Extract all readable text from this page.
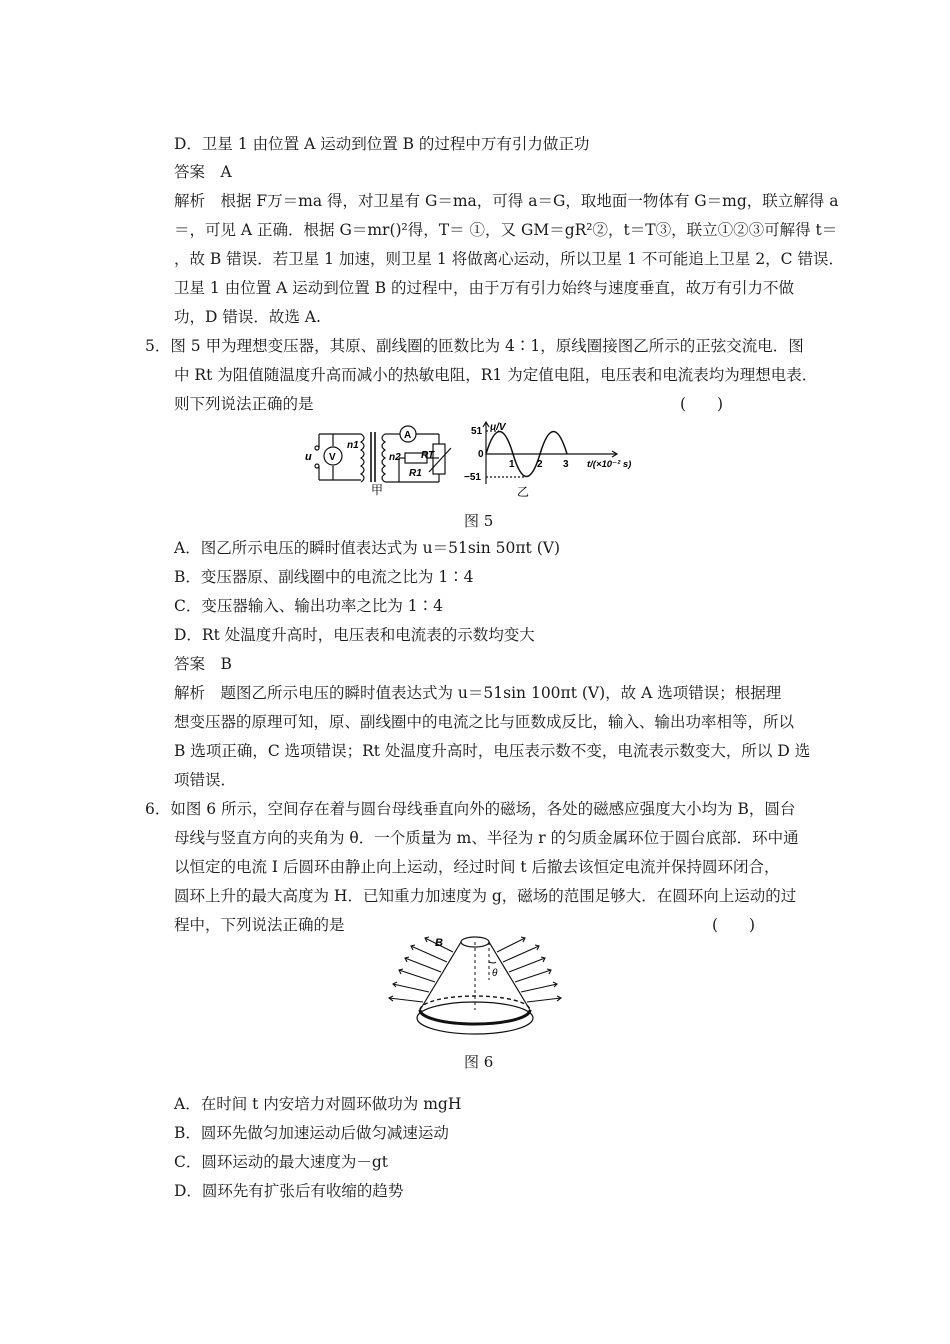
D．卫星 1 由位置 A 运动到位置 B 的过程中万有引力做正功
答案　A
解析　根据 F万＝ma 得，对卫星有 G＝ma，可得 a＝G，取地面一物体有 G＝mg，联立解得 a
＝，可见 A 正确．根据 G＝mr()²得，T＝ ①，又 GM＝gR²②，t＝T③，联立①②③可解得 t＝
，故 B 错误．若卫星 1 加速，则卫星 1 将做离心运动，所以卫星 1 不可能追上卫星 2，C 错误．
卫星 1 由位置 A 运动到位置 B 的过程中，由于万有引力始终与速度垂直，故万有引力不做
功，D 错误．故选 A.
5．图 5 甲为理想变压器，其原、副线圈的匝数比为 4∶1，原线圈接图乙所示的正弦交流电．图
中 Rt 为阻值随温度升高而减小的热敏电阻，R1 为定值电阻，电压表和电流表均为理想电表．
则下列说法正确的是	(　　)
u V
A
n1
n2
R1
RT
甲
u/V
51
0
−51
1 2 3 t/(×10⁻² s)
乙
图 5
A．图乙所示电压的瞬时值表达式为 u＝51sin 50πt (V)
B．变压器原、副线圈中的电流之比为 1∶4
C．变压器输入、输出功率之比为 1∶4
D．Rt 处温度升高时，电压表和电流表的示数均变大
答案　B
解析　题图乙所示电压的瞬时值表达式为 u＝51sin 100πt (V)，故 A 选项错误；根据理
想变压器的原理可知，原、副线圈中的电流之比与匝数成反比，输入、输出功率相等，所以
B 选项正确，C 选项错误；Rt 处温度升高时，电压表示数不变，电流表示数变大，所以 D 选
项错误．
6．如图 6 所示，空间存在着与圆台母线垂直向外的磁场，各处的磁感应强度大小均为 B，圆台
母线与竖直方向的夹角为 θ．一个质量为 m、半径为 r 的匀质金属环位于圆台底部．环中通
以恒定的电流 I 后圆环由静止向上运动，经过时间 t 后撤去该恒定电流并保持圆环闭合，
圆环上升的最大高度为 H．已知重力加速度为 g，磁场的范围足够大．在圆环向上运动的过
程中，下列说法正确的是	(　　)
B
θ
图 6
A．在时间 t 内安培力对圆环做功为 mgH
B．圆环先做匀加速运动后做匀减速运动
C．圆环运动的最大速度为－gt
D．圆环先有扩张后有收缩的趋势
